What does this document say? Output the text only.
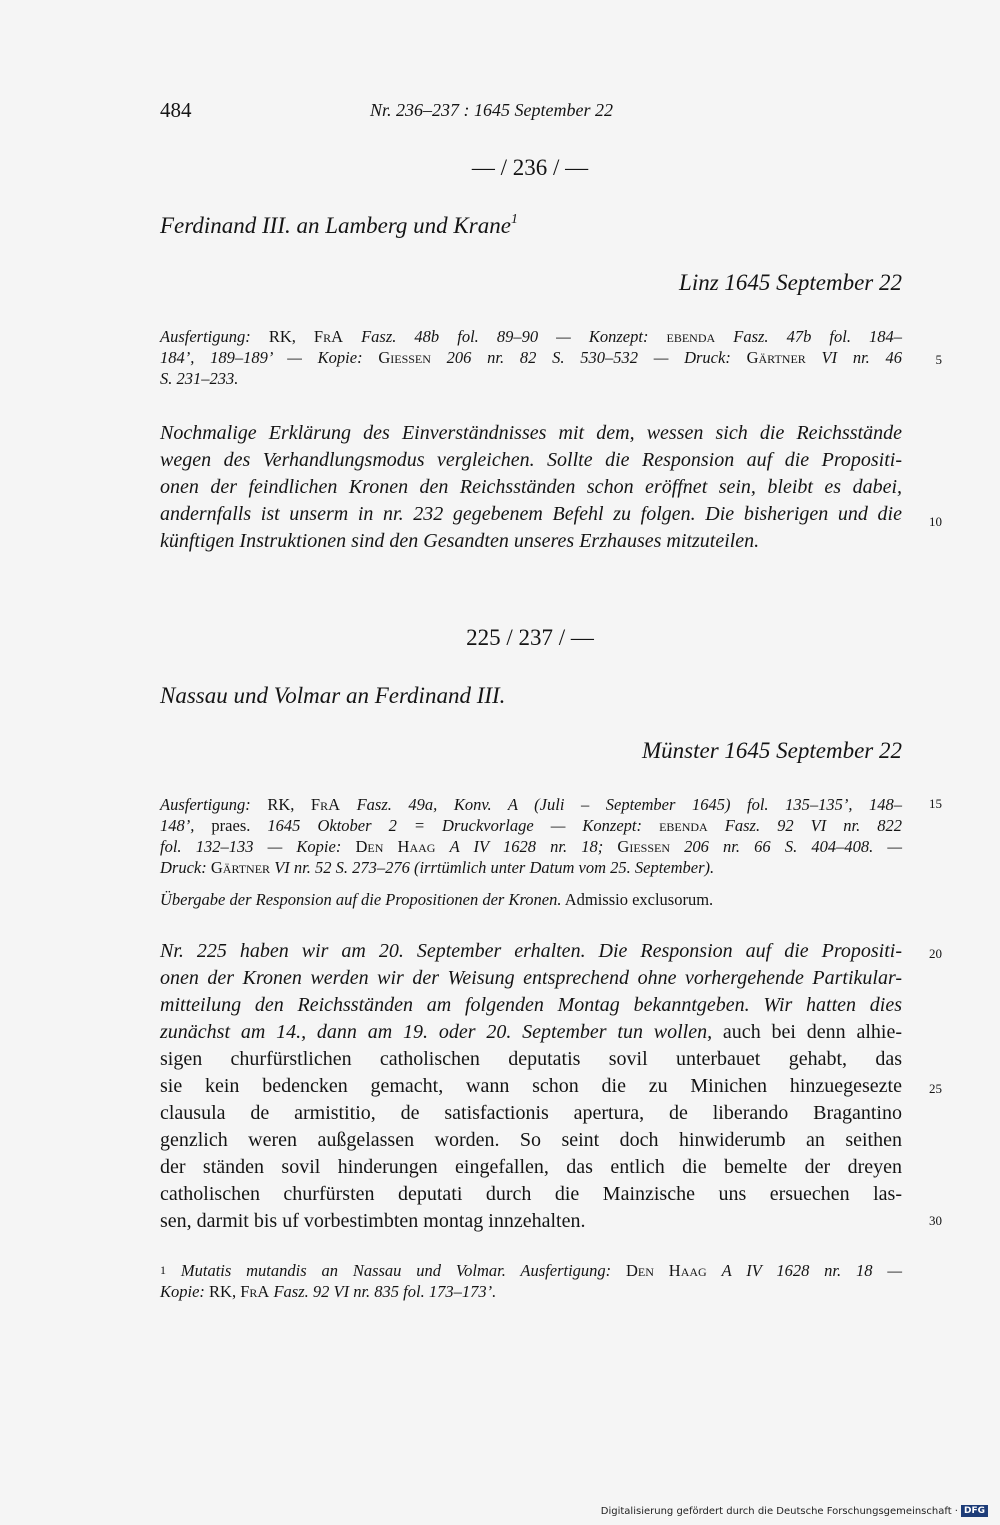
484	Nr. 236–237 : 1645 September 22
— / 236 / —
Ferdinand III. an Lamberg und Krane$^1$
Linz 1645 September 22
Ausfertigung: RK, FrA Fasz. 48b fol. 89–90 — Konzept: ebenda Fasz. 47b fol. 184–
184’, 189–189’ — Kopie: Giessen 206 nr. 82 S. 530–532 — Druck: Gärtner VI nr. 46
S. 231–233.
Nochmalige Erklärung des Einverständnisses mit dem, wessen sich die Reichsstände
wegen des Verhandlungsmodus vergleichen. Sollte die Responsion auf die Propositi-
onen der feindlichen Kronen den Reichsständen schon eröffnet sein, bleibt es dabei,
andernfalls ist unserm in nr. 232 gegebenem Befehl zu folgen. Die bisherigen und die
künftigen Instruktionen sind den Gesandten unseres Erzhauses mitzuteilen.
225 / 237 / —
Nassau und Volmar an Ferdinand III.
Münster 1645 September 22
Ausfertigung: RK, FrA Fasz. 49a, Konv. A (Juli – September 1645) fol. 135–135’, 148–
148’, praes. 1645 Oktober 2 = Druckvorlage — Konzept: ebenda Fasz. 92 VI nr. 822
fol. 132–133 — Kopie: Den Haag A IV 1628 nr. 18; Giessen 206 nr. 66 S. 404–408. —
Druck: Gärtner VI nr. 52 S. 273–276 (irrtümlich unter Datum vom 25. September).
Übergabe der Responsion auf die Propositionen der Kronen. Admissio exclusorum.
Nr. 225 haben wir am 20. September erhalten. Die Responsion auf die Propositi-
onen der Kronen werden wir der Weisung entsprechend ohne vorhergehende Partikular-
mitteilung den Reichsständen am folgenden Montag bekanntgeben. Wir hatten dies
zunächst am 14., dann am 19. oder 20. September tun wollen, auch bei denn alhie-
sigen churfürstlichen catholischen deputatis sovil unterbauet gehabt, das
sie kein bedencken gemacht, wann schon die zu Minichen hinzuegesezte
clausula de armistitio, de satisfactionis apertura, de liberando Bragantino
genzlich weren außgelassen worden. So seint doch hinwiderumb an seithen
der ständen sovil hinderungen eingefallen, das entlich die bemelte der dreyen
catholischen churfürsten deputati durch die Mainzische uns ersuechen las-
sen, darmit bis uf vorbestimbten montag innzehalten.
5
10
15
20
25
30
$^1$ Mutatis mutandis an Nassau und Volmar. Ausfertigung: Den Haag A IV 1628 nr. 18 —
Kopie: RK, FrA Fasz. 92 VI nr. 835 fol. 173–173’.
Digitalisierung gefördert durch die Deutsche Forschungsgemeinschaft · DFG
